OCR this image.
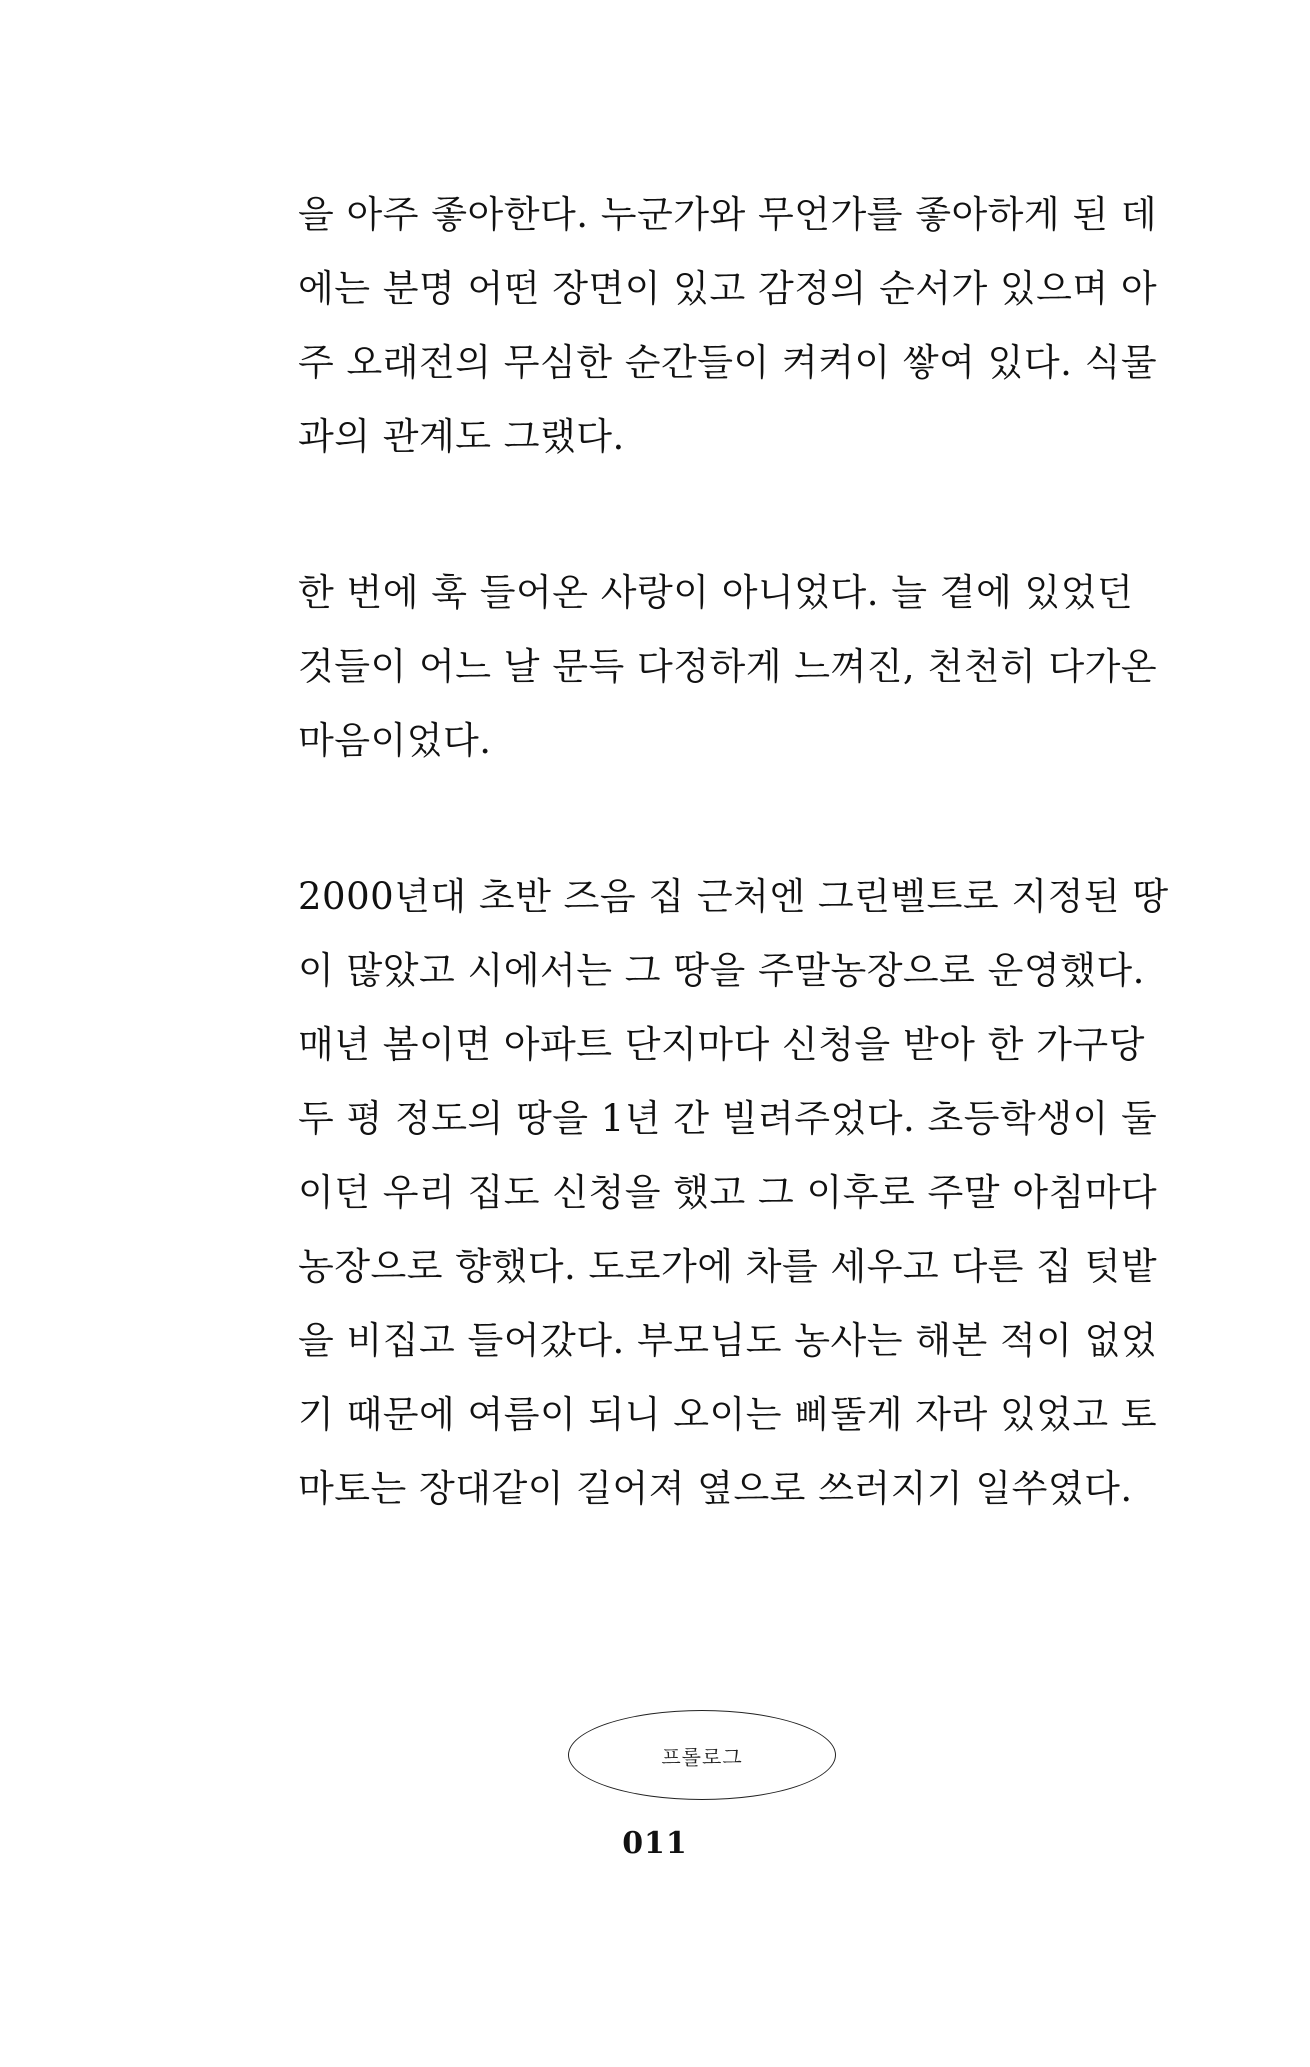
을 아주 좋아한다. 누군가와 무언가를 좋아하게 된 데
에는 분명 어떤 장면이 있고 감정의 순서가 있으며 아
주 오래전의 무심한 순간들이 켜켜이 쌓여 있다. 식물
과의 관계도 그랬다.
한 번에 훅 들어온 사랑이 아니었다. 늘 곁에 있었던
것들이 어느 날 문득 다정하게 느껴진, 천천히 다가온
마음이었다.
2000년대 초반 즈음 집 근처엔 그린벨트로 지정된 땅
이 많았고 시에서는 그 땅을 주말농장으로 운영했다.
매년 봄이면 아파트 단지마다 신청을 받아 한 가구당
두 평 정도의 땅을 1년 간 빌려주었다. 초등학생이 둘
이던 우리 집도 신청을 했고 그 이후로 주말 아침마다
농장으로 향했다. 도로가에 차를 세우고 다른 집 텃밭
을 비집고 들어갔다. 부모님도 농사는 해본 적이 없었
기 때문에 여름이 되니 오이는 삐뚤게 자라 있었고 토
마토는 장대같이 길어져 옆으로 쓰러지기 일쑤였다.
프롤로그
011
